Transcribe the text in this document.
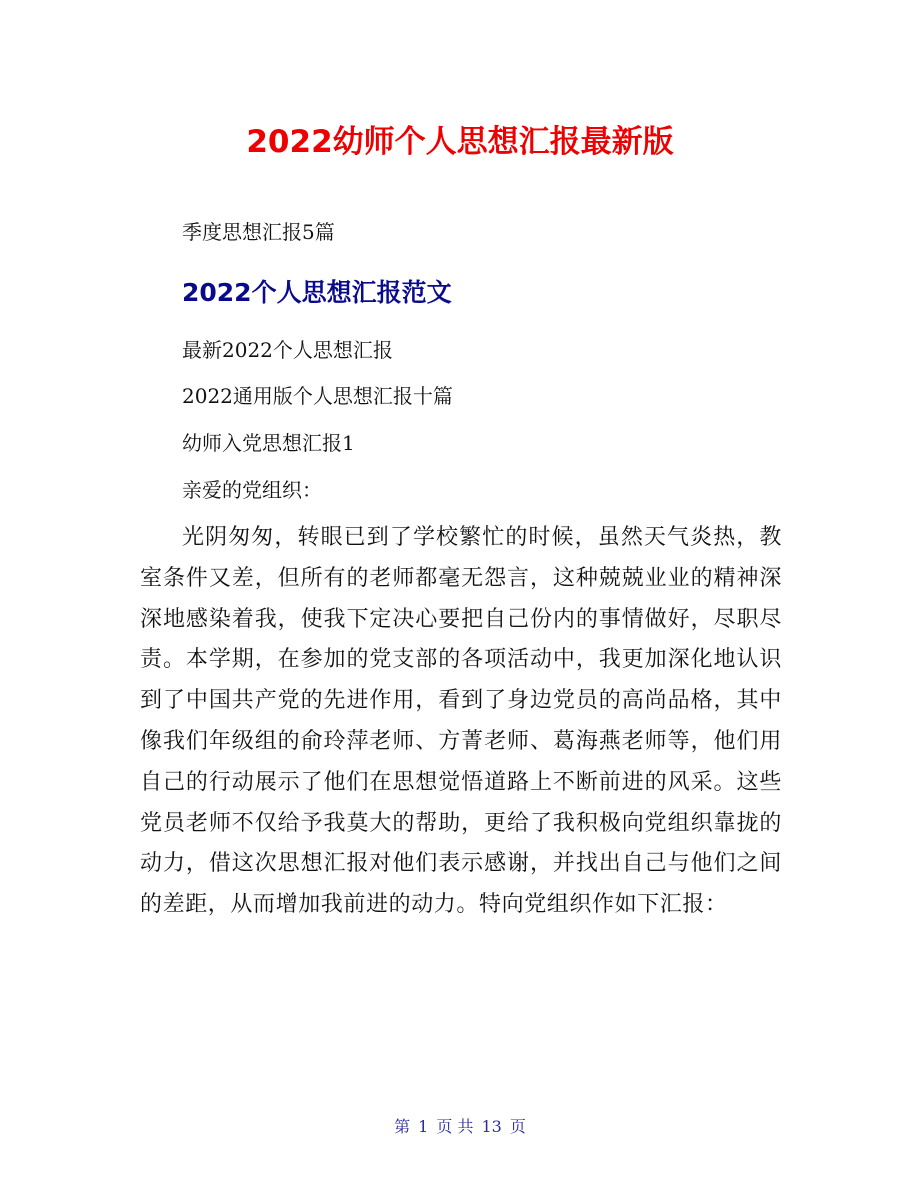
2022幼师个人思想汇报最新版

季度思想汇报5篇

2022个人思想汇报范文

最新2022个人思想汇报

2022通用版个人思想汇报十篇

幼师入党思想汇报1

亲爱的党组织：

光阴匆匆，转眼已到了学校繁忙的时候，虽然天气炎热，教室条件又差，但所有的老师都毫无怨言，这种兢兢业业的精神深深地感染着我，使我下定决心要把自己份内的事情做好，尽职尽责。本学期，在参加的党支部的各项活动中，我更加深化地认识到了中国共产党的先进作用，看到了身边党员的高尚品格，其中像我们年级组的俞玲萍老师、方菁老师、葛海燕老师等，他们用自己的行动展示了他们在思想觉悟道路上不断前进的风采。这些党员老师不仅给予我莫大的帮助，更给了我积极向党组织靠拢的动力，借这次思想汇报对他们表示感谢，并找出自己与他们之间的差距，从而增加我前进的动力。特向党组织作如下汇报：

第 1 页 共 13 页
